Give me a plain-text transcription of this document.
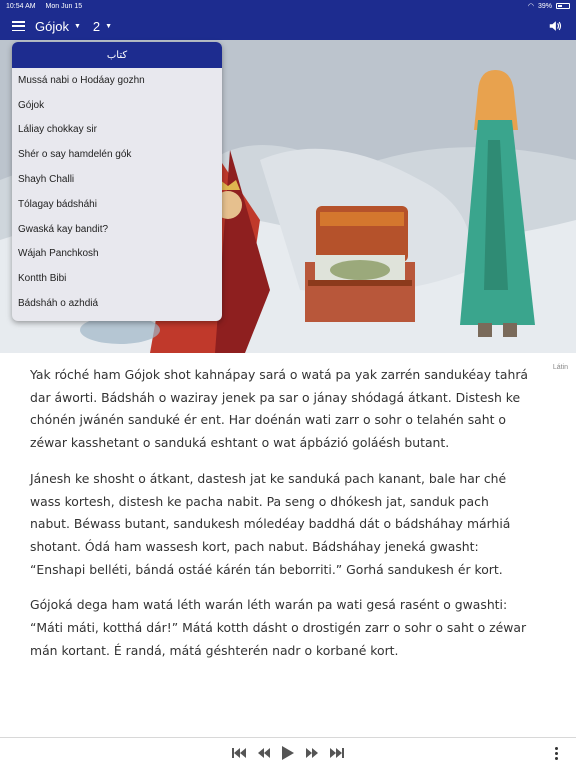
10:54 AM Mon Jun 15	◠ 39%
Gójok ▼ 2 ▼
کتاب
Mussá nabi o Hodáay gozhn
Gójok
Láliay chokkay sir
Shér o say hamdelén gók
Shayh Challi
Tólagay bádsháhi
Gwaská kay bandit?
Wájah Panchkosh
Kontth Bibi
Bádsháh o azhdiá
Látin

Yak róché ham Gójok shot kahnápay sará o watá pa yak zarrén sandukéay tahrá dar áworti. Bádsháh o waziray jenek pa sar o jánay shódagá átkant. Distesh ke chónén jwánén sanduké ér ent. Har doénán wati zarr o sohr o telahén saht o zéwar kasshetant o sanduká eshtant o wat ápbázió goláésh butant.

Jánesh ke shosht o átkant, dastesh jat ke sanduká pach kanant, bale har ché wass kortesh, distesh ke pacha nabit. Pa seng o dhókesh jat, sanduk pach nabut. Béwass butant, sandukesh móledéay baddhá dát o bádsháhay márhiá shotant. Ódá ham wassesh kort, pach nabut. Bádsháhay jeneká gwasht: “Enshapi belléti, bándá ostáé kárén tán beborriti.” Gorhá sandukesh ér kort.

Gójoká dega ham watá léth warán léth warán pa wati gesá rasént o gwashti: “Máti máti, kotthá dár!” Mátá kotth dásht o drostigén zarr o sohr o saht o zéwar mán kortant. É randá, mátá géshterén nadr o korbané kort.
